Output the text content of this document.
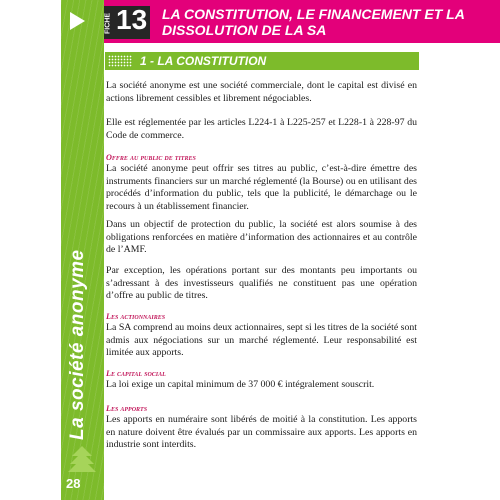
La société anonyme
28
FICHE 13 LA CONSTITUTION, LE FINANCEMENT ET LA DISSOLUTION DE LA SA
1 - LA CONSTITUTION

La société anonyme est une société commerciale, dont le capital est divisé en actions librement cessibles et librement négociables.

Elle est réglementée par les articles L224-1 à L225-257 et L228-1 à 228-97 du Code de commerce.

Offre au public de titres

La société anonyme peut offrir ses titres au public, c’est-à-dire émettre des instruments financiers sur un marché réglementé (la Bourse) ou en utilisant des procédés d’information du public, tels que la publicité, le démarchage ou le recours à un établissement financier.

Dans un objectif de protection du public, la société est alors soumise à des obligations renforcées en matière d’information des actionnaires et au contrôle de l’AMF.

Par exception, les opérations portant sur des montants peu importants ou s’adressant à des investisseurs qualifiés ne constituent pas une opération d’offre au public de titres.

Les actionnaires

La SA comprend au moins deux actionnaires, sept si les titres de la société sont admis aux négociations sur un marché réglementé. Leur responsabilité est limitée aux apports.

Le capital social

La loi exige un capital minimum de 37 000 € intégralement souscrit.

Les apports

Les apports en numéraire sont libérés de moitié à la constitution. Les apports en nature doivent être évalués par un commissaire aux apports. Les apports en industrie sont interdits.
